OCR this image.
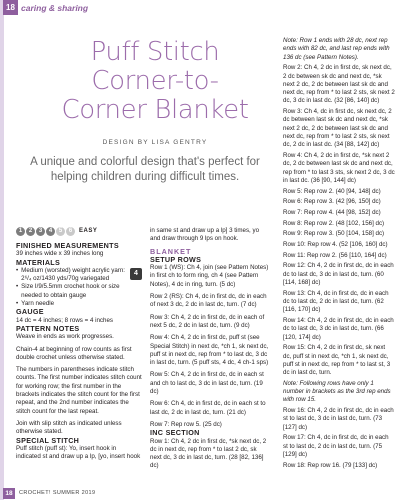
18 caring & sharing
Puff Stitch
Corner-to-
Corner Blanket
DESIGN BY LISA GENTRY
A unique and colorful design that's perfect for helping children during difficult times.
1	2	3	4	5	6	EASY

FINISHED MEASUREMENTS

39 inches wide x 39 inches long

MATERIALS

• Medium (worsted) weight acrylic yarn: 2⁶/₄ oz/1430 yds/70g variegated
• Size I/9/5.5mm crochet hook or size needed to obtain gauge
• Yarn needle
4

GAUGE

14 dc = 4 inches; 8 rows = 4 inches

PATTERN NOTES

Weave in ends as work progresses.

Chain-4 at beginning of row counts as first double crochet unless otherwise stated.

The numbers in parentheses indicate stitch counts. The first number indicates stitch count for working row; the first number in the brackets indicates the stitch count for the first repeat, and the 2nd number indicates the stitch count for the last repeat.

Join with slip stitch as indicated unless otherwise stated.

SPECIAL STITCH

Puff stitch (puff st): Yo, insert hook in indicated st and draw up a lp, [yo, insert hook

in same st and draw up a lp] 3 times, yo and draw through 9 lps on hook.

BLANKET

SETUP ROWS

Row 1 (WS): Ch 4, join (see Pattern Notes) in first ch to form ring, ch 4 (see Pattern Notes), 4 dc in ring, turn. (5 dc)

Row 2 (RS): Ch 4, dc in first dc, dc in each of next 3 dc, 2 dc in last dc, turn. (7 dc)

Row 3: Ch 4, 2 dc in first dc, dc in each of next 5 dc, 2 dc in last dc, turn. (9 dc)

Row 4: Ch 4, 2 dc in first dc, puff st (see Special Stitch) in next dc, *ch 1, sk next dc, puff st in next dc, rep from * to last dc, 3 dc in last dc, turn. (5 puff sts, 4 dc, 4 ch-1 sps)

Row 5: Ch 4, 2 dc in first dc, dc in each st and ch to last dc, 3 dc in last dc, turn. (19 dc)

Row 6: Ch 4, dc in first dc, dc in each st to last dc, 2 dc in last dc, turn. (21 dc)

Row 7: Rep row 5. (25 dc)

INC SECTION

Row 1: Ch 4, 2 dc in first dc, *sk next dc, 2 dc in next dc, rep from * to last 2 dc, sk next dc, 3 dc in last dc, turn. (28 [82, 136] dc)

Note: Row 1 ends with 28 dc, next rep ends with 82 dc, and last rep ends with 136 dc (see Pattern Notes).

Row 2: Ch 4, 2 dc in first dc, sk next dc, 2 dc between sk dc and next dc, *sk next 2 dc, 2 dc between last sk dc and next dc, rep from * to last 2 sts, sk next 2 dc, 3 dc in last dc. (32 [86, 140] dc)

Row 3: Ch 4, dc in first dc, sk next dc, 2 dc between last sk dc and next dc, *sk next 2 dc, 2 dc between last sk dc and next dc, rep from * to last 2 sts, sk next dc, 2 dc in last dc. (34 [88, 142] dc)

Row 4: Ch 4, 2 dc in first dc, *sk next 2 dc, 2 dc between last sk dc and next dc, rep from * to last 3 sts, sk next 2 dc, 3 dc in last dc. (36 [90, 144] dc)

Row 5: Rep row 2. (40 [94, 148] dc)

Row 6: Rep row 3. (42 [96, 150] dc)

Row 7: Rep row 4. (44 [98, 152] dc)

Row 8: Rep row 2. (48 [102, 156] dc)

Row 9: Rep row 3. (50 [104, 158] dc)

Row 10: Rep row 4. (52 [106, 160] dc)

Row 11: Rep row 2. (56 [110, 164] dc)

Row 12: Ch 4, 2 dc in first dc, dc in each dc to last dc, 3 dc in last dc, turn. (60 [114, 168] dc)

Row 13: Ch 4, dc in first dc, dc in each dc to last dc, 2 dc in last dc, turn. (62 [116, 170] dc)

Row 14: Ch 4, 2 dc in first dc, dc in each dc to last dc, 3 dc in last dc, turn. (66 [120, 174] dc)

Row 15: Ch 4, 2 dc in first dc, sk next dc, puff st in next dc, *ch 1, sk next dc, puff st in next dc, rep from * to last st, 3 dc in last dc, turn.

Note: Following rows have only 1 number in brackets as the 3rd rep ends with row 15.

Row 16: Ch 4, 2 dc in first dc, dc in each st to last dc, 3 dc in last dc, turn. (73 [127] dc)

Row 17: Ch 4, dc in first dc, dc in each st to last dc, 2 dc in last dc, turn. (75 [129] dc)

Row 18: Rep row 16. (79 [133] dc)

18	CROCHET! SUMMER 2019
